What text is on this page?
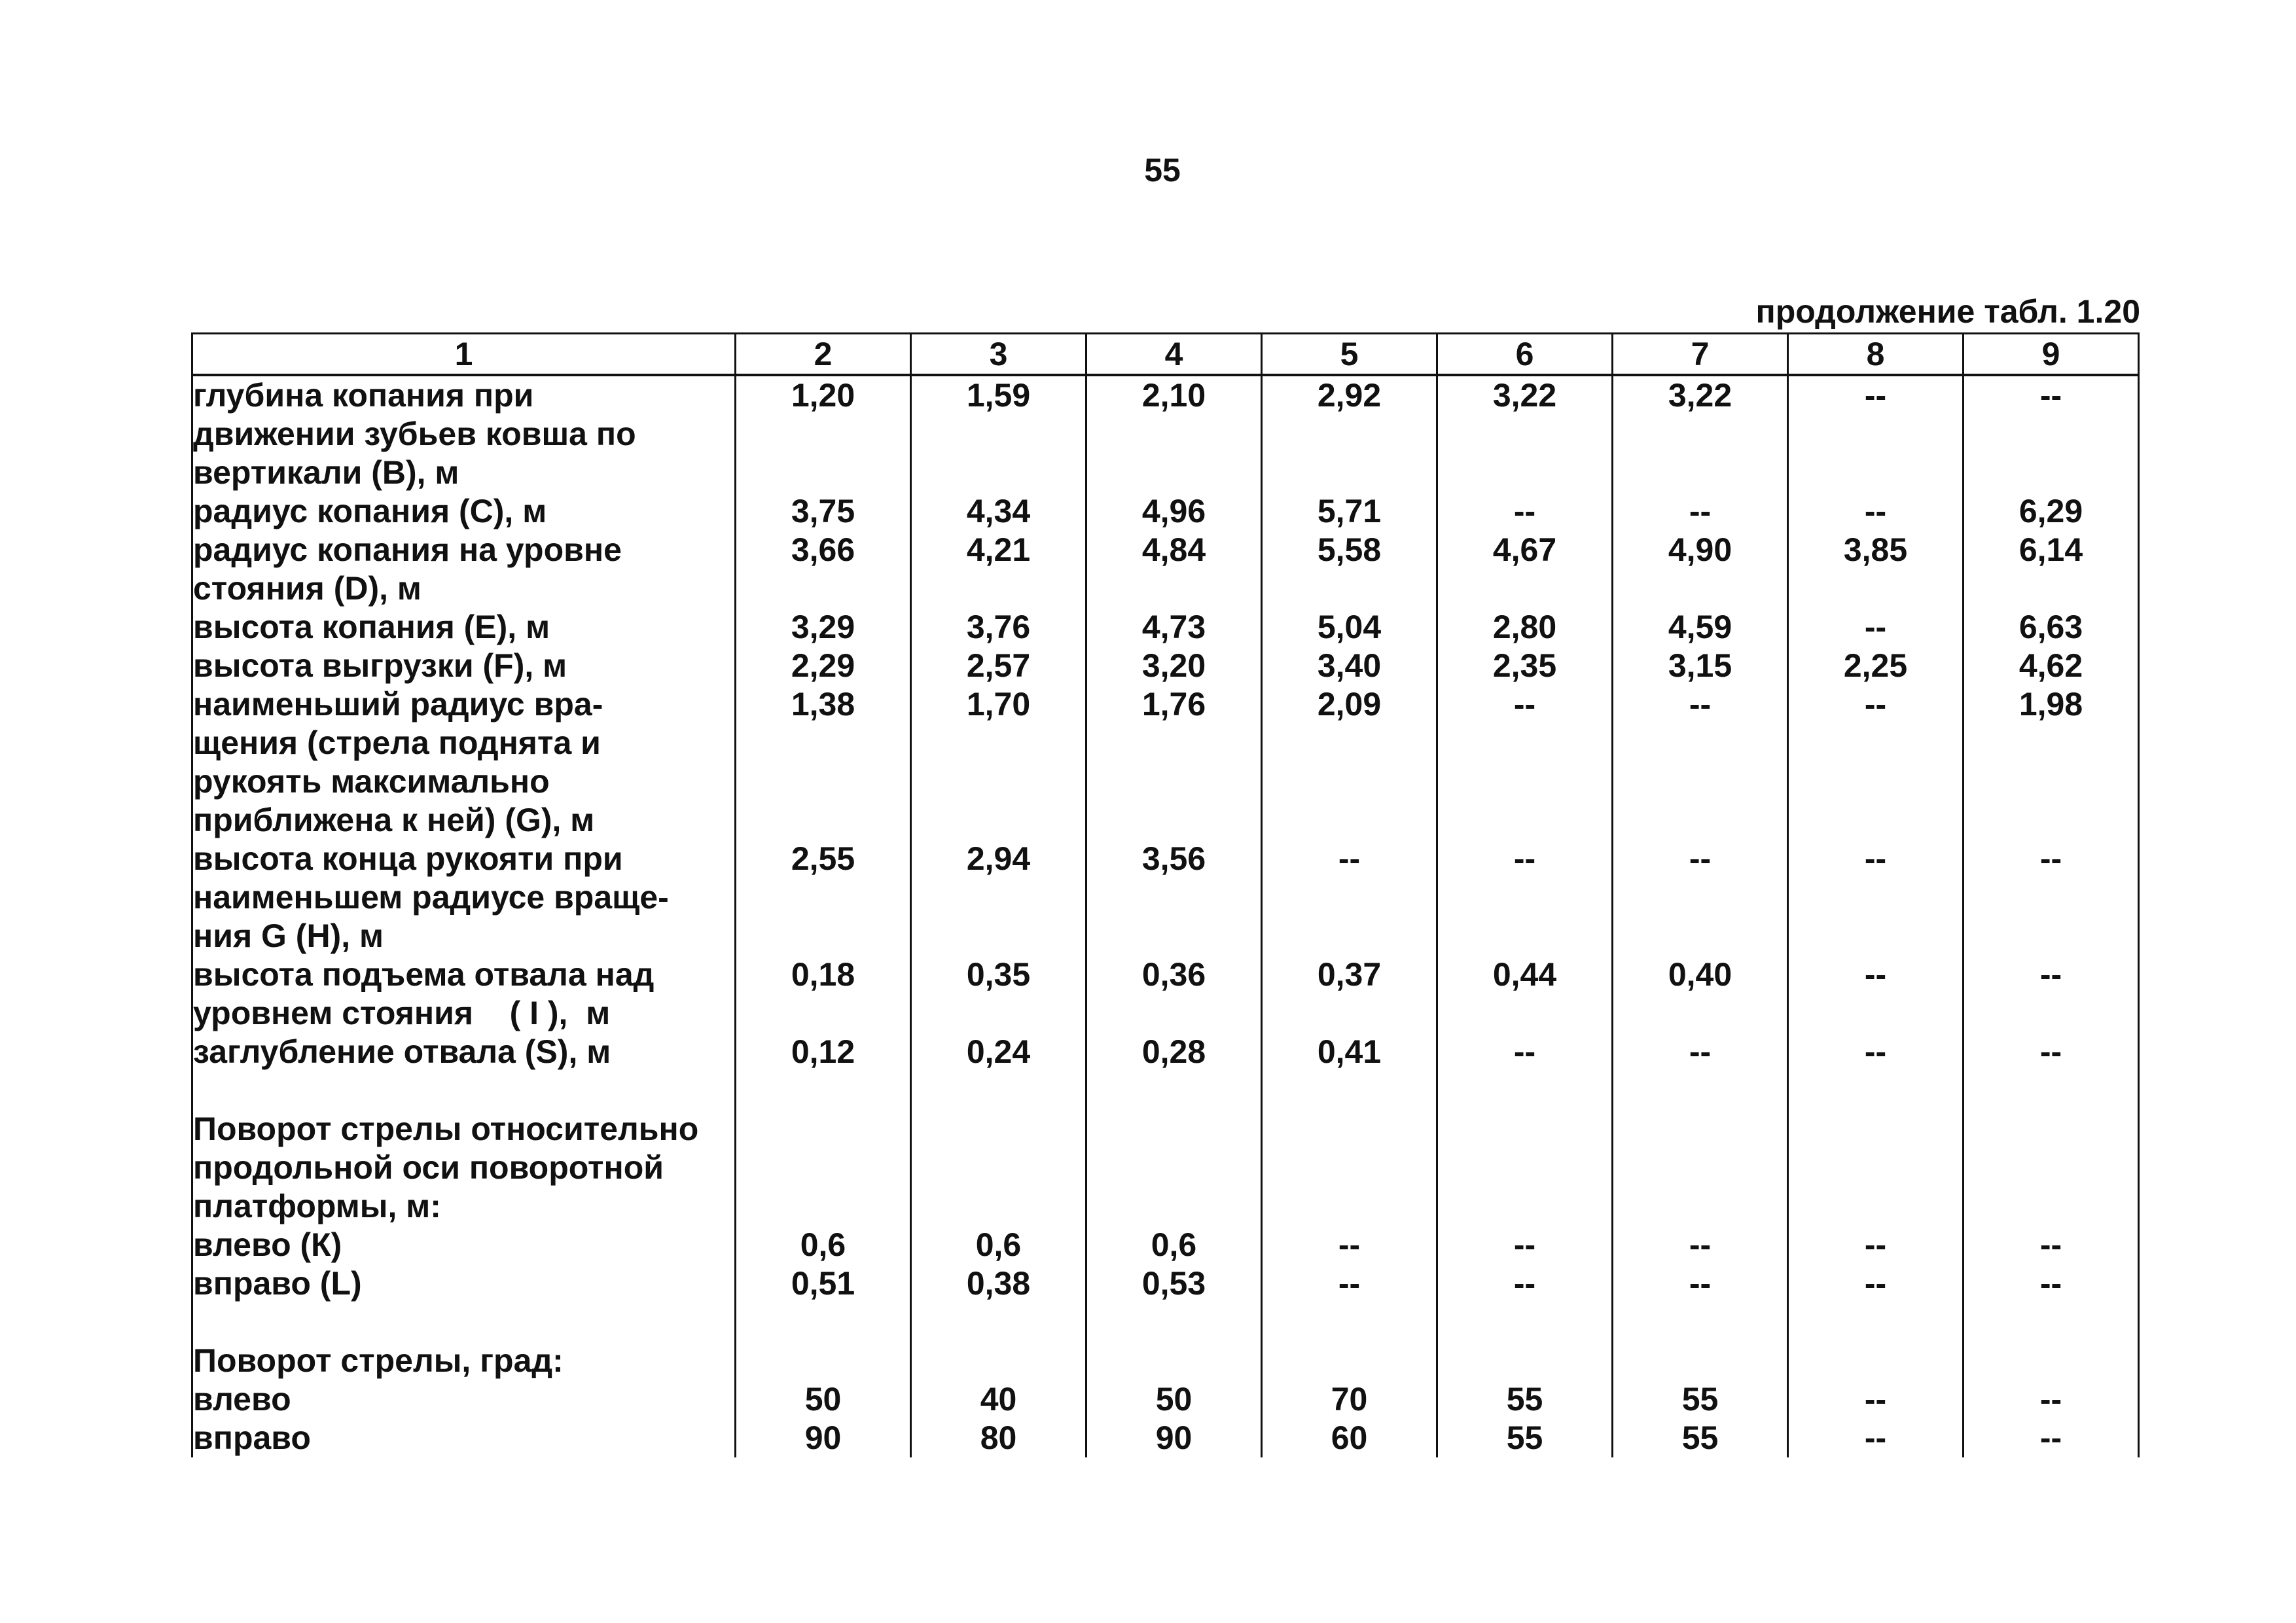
55
продолжение табл. 1.20
1	2	3	4	5	6	7	8	9

глубина копания при
движении зубьев ковша по
вертикали (В), м	1,20	1,59	2,10	2,92	3,22	3,22	--	--

радиус копания (С), м	3,75	4,34	4,96	5,71	--	--	--	6,29

радиус копания на уровне
стояния (D), м	3,66	4,21	4,84	5,58	4,67	4,90	3,85	6,14

высота копания (Е), м	3,29	3,76	4,73	5,04	2,80	4,59	--	6,63

высота выгрузки (F), м	2,29	2,57	3,20	3,40	2,35	3,15	2,25	4,62

наименьший радиус вра-
щения (стрела поднята и
рукоять максимально
приближена к ней) (G), м	1,38	1,70	1,76	2,09	--	--	--	1,98

высота конца рукояти при
наименьшем радиусе враще-
ния G (H), м	2,55	2,94	3,56	--	--	--	--	--

высота подъема отвала над
уровнем стояния    ( I ),  м	0,18	0,35	0,36	0,37	0,44	0,40	--	--

заглубление отвала (S), м	0,12	0,24	0,28	0,41	--	--	--	--

Поворот стрелы относительно
продольной оси поворотной
платформы, м:								

влево (К)	0,6	0,6	0,6	--	--	--	--	--
вправо (L)	0,51	0,38	0,53	--	--	--	--	--

Поворот стрелы, град:								

влево	50	40	50	70	55	55	--	--
вправо	90	80	90	60	55	55	--	--
